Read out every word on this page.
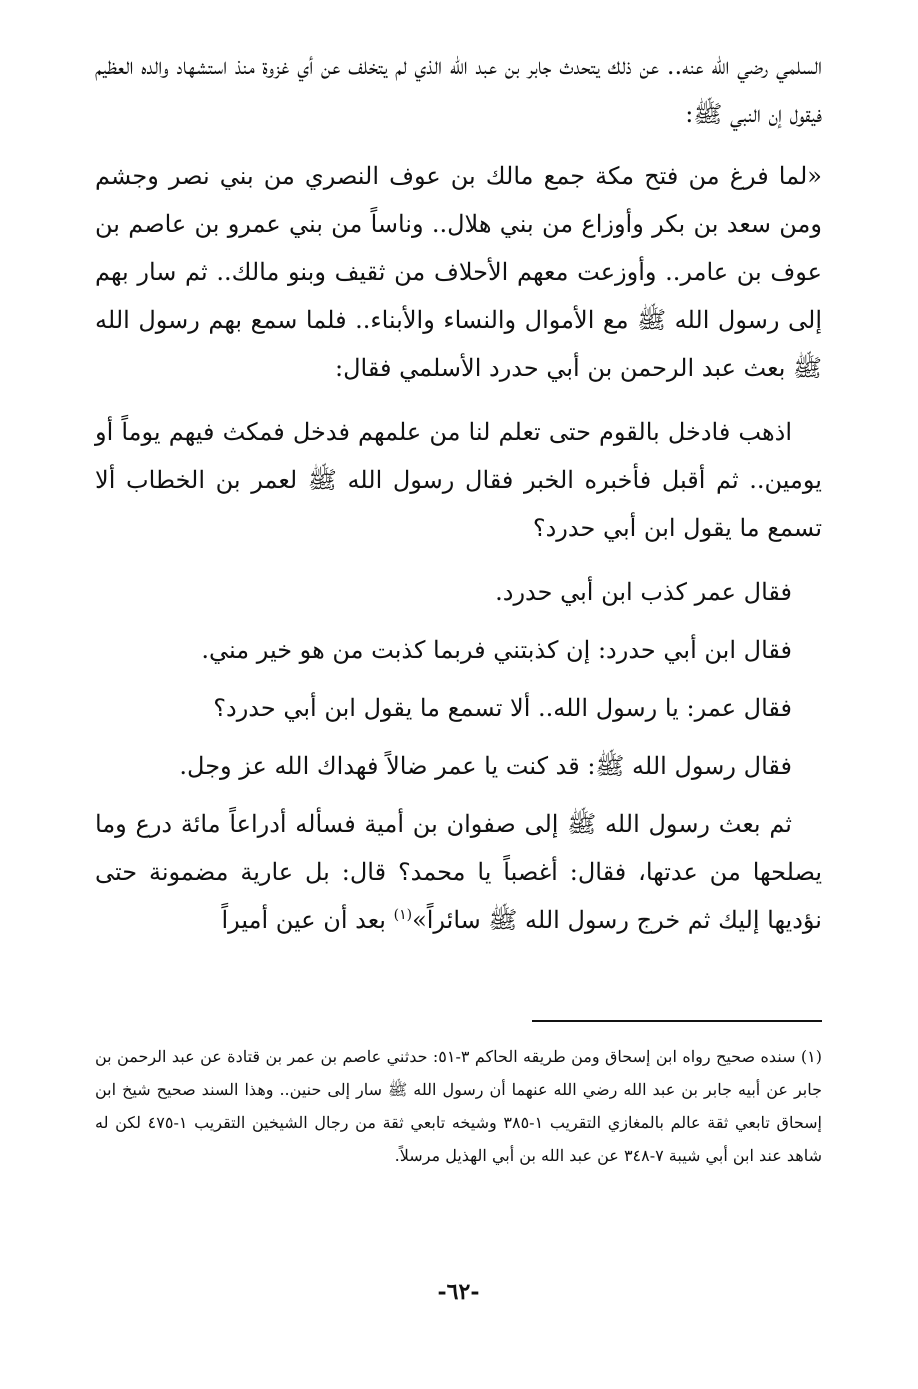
السلمي رضي الله عنه.. عن ذلك يتحدث جابر بن عبد الله الذي لم يتخلف عن أي غزوة منذ استشهاد والده العظيم فيقول إن النبي ﷺ:

«لما فرغ من فتح مكة جمع مالك بن عوف النصري من بني نصر وجشم ومن سعد بن بكر وأوزاع من بني هلال.. وناساً من بني عمرو بن عاصم بن عوف بن عامر.. وأوزعت معهم الأحلاف من ثقيف وبنو مالك.. ثم سار بهم إلى رسول الله ﷺ مع الأموال والنساء والأبناء.. فلما سمع بهم رسول الله ﷺ بعث عبد الرحمن بن أبي حدرد الأسلمي فقال:

اذهب فادخل بالقوم حتى تعلم لنا من علمهم فدخل فمكث فيهم يوماً أو يومين.. ثم أقبل فأخبره الخبر فقال رسول الله ﷺ لعمر بن الخطاب ألا تسمع ما يقول ابن أبي حدرد؟

فقال عمر كذب ابن أبي حدرد.

فقال ابن أبي حدرد: إن كذبتني فربما كذبت من هو خير مني.

فقال عمر: يا رسول الله.. ألا تسمع ما يقول ابن أبي حدرد؟

فقال رسول الله ﷺ: قد كنت يا عمر ضالاً فهداك الله عز وجل.

ثم بعث رسول الله ﷺ إلى صفوان بن أمية فسأله أدراعاً مائة درع وما يصلحها من عدتها، فقال: أغصباً يا محمد؟ قال: بل عارية مضمونة حتى نؤديها إليك ثم خرج رسول الله ﷺ سائراً»$^{(١)}$ بعد أن عين أميراً

(١) سنده صحيح رواه ابن إسحاق ومن طريقه الحاكم ٣-٥١: حدثني عاصم بن عمر بن قتادة عن عبد الرحمن بن جابر عن أبيه جابر بن عبد الله رضي الله عنهما أن رسول الله ﷺ سار إلى حنين.. وهذا السند صحيح شيخ ابن إسحاق تابعي ثقة عالم بالمغازي التقريب ١-٣٨٥ وشيخه تابعي ثقة من رجال الشيخين التقريب ١-٤٧٥ لكن له شاهد عند ابن أبي شيبة ٧-٣٤٨ عن عبد الله بن أبي الهذيل مرسلاً.
-٦٢-
